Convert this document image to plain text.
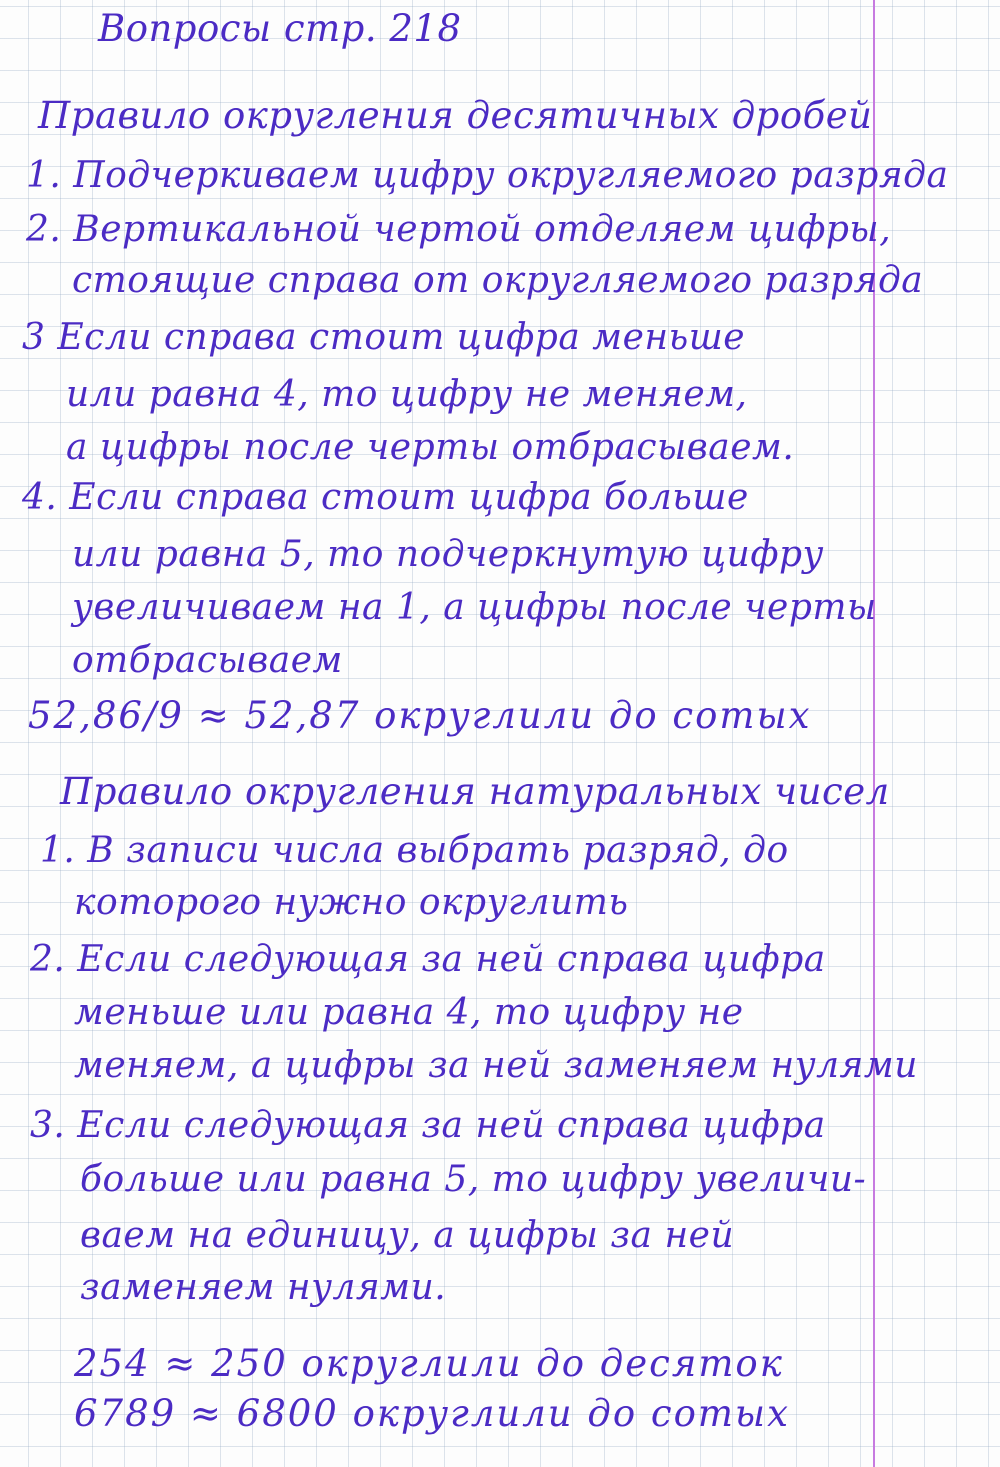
Вопросы стр. 218

Правило округления десятичных дробей

1. Подчеркиваем цифру округляемого разряда

2. Вертикальной чертой отделяем цифры,

стоящие справа от округляемого разряда

3 Если справа стоит цифра меньше

или равна 4, то цифру не меняем,

а цифры после черты отбрасываем.

4. Если справа стоит цифра больше

или равна 5, то подчеркнутую цифру

увеличиваем на 1, а цифры после черты

отбрасываем

52,86/9 ≈ 52,87 округлили до сотых

Правило округления натуральных чисел

1. В записи числа выбрать разряд, до

которого нужно округлить

2. Если следующая за ней справа цифра

меньше или равна 4, то цифру не

меняем, а цифры за ней заменяем нулями

3. Если следующая за ней справа цифра

больше или равна 5, то цифру увеличи-

ваем на единицу, а цифры за ней

заменяем нулями.

254 ≈ 250 округлили до десяток

6789 ≈ 6800 округлили до сотых
